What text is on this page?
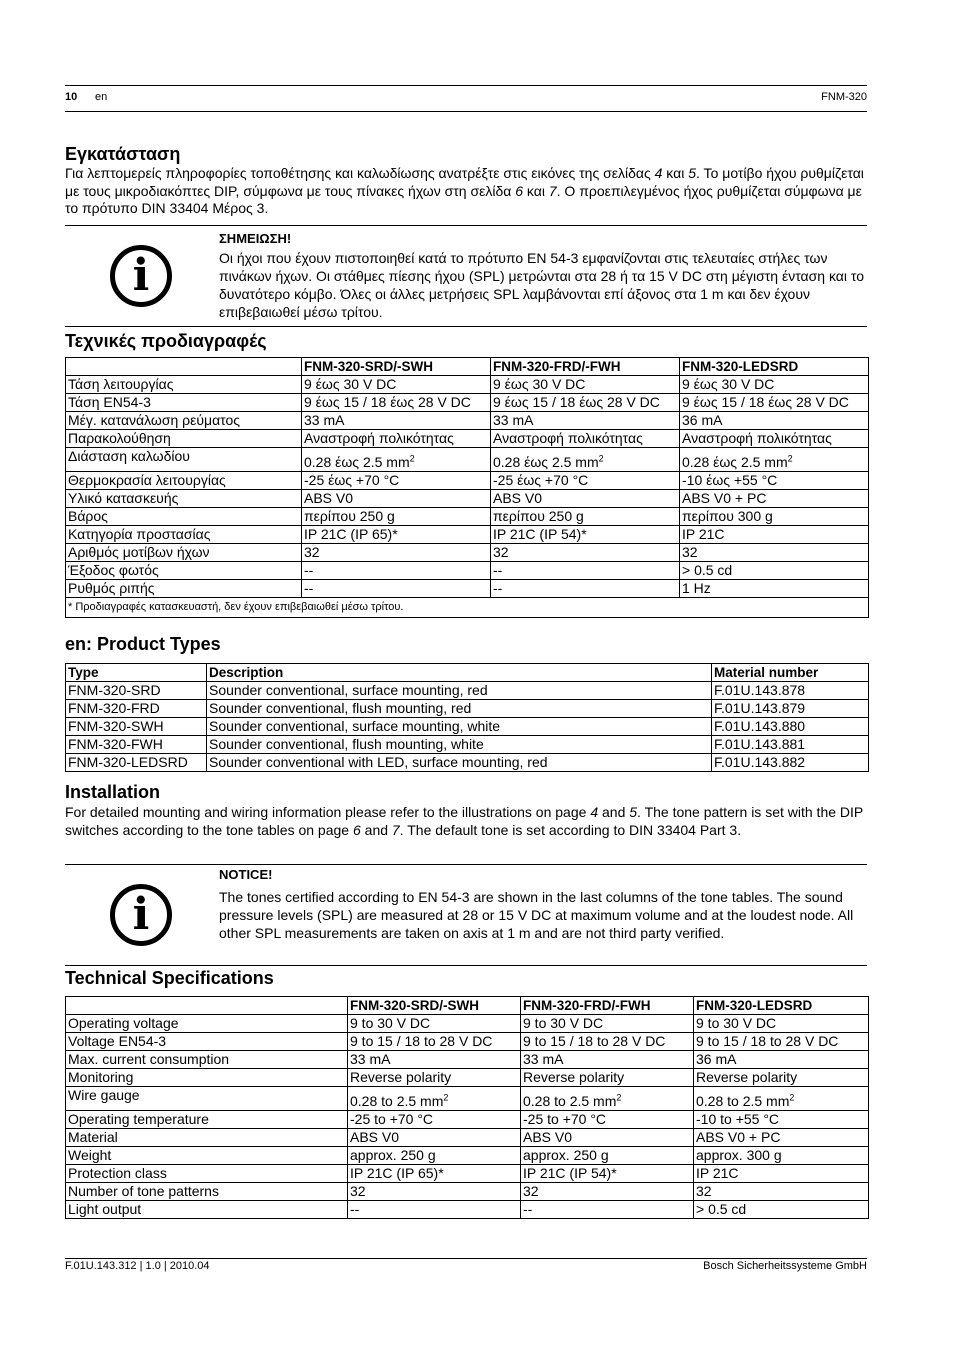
10 en	FNM-320
Εγκατάσταση

Για λεπτομερείς πληροφορίες τοποθέτησης και καλωδίωσης ανατρέξτε στις εικόνες της σελίδας 4 και 5. Το μοτίβο ήχου ρυθμίζεται με τους μικροδιακόπτες DIP, σύμφωνα με τους πίνακες ήχων στη σελίδα 6 και 7. Ο προεπιλεγμένος ήχος ρυθμίζεται σύμφωνα με το πρότυπο DIN 33404 Μέρος 3.

i
ΣΗΜΕΙΩΣΗ!

Οι ήχοι που έχουν πιστοποιηθεί κατά το πρότυπο EN 54-3 εμφανίζονται στις τελευταίες στήλες των πινάκων ήχων. Οι στάθμες πίεσης ήχου (SPL) μετρώνται στα 28 ή τα 15 V DC στη μέγιστη ένταση και το δυνατότερο κόμβο. Όλες οι άλλες μετρήσεις SPL λαμβάνονται επί άξονος στα 1 m και δεν έχουν επιβεβαιωθεί μέσω τρίτου.

Τεχνικές προδιαγραφές
	FNM-320-SRD/-SWH	FNM-320-FRD/-FWH	FNM-320-LEDSRD
Τάση λειτουργίας	9 έως 30 V DC	9 έως 30 V DC	9 έως 30 V DC
Τάση EN54-3	9 έως 15 / 18 έως 28 V DC	9 έως 15 / 18 έως 28 V DC	9 έως 15 / 18 έως 28 V DC
Μέγ. κατανάλωση ρεύματος	33 mA	33 mA	36 mA
Παρακολούθηση	Αναστροφή πολικότητας	Αναστροφή πολικότητας	Αναστροφή πολικότητας
Διάσταση καλωδίου	0.28 έως 2.5 $mm^2$	0.28 έως 2.5 $mm^2$	0.28 έως 2.5 $mm^2$
Θερμοκρασία λειτουργίας	-25 έως +70 °C	-25 έως +70 °C	-10 έως +55 °C
Υλικό κατασκευής	ABS V0	ABS V0	ABS V0 + PC
Βάρος	περίπου 250 g	περίπου 250 g	περίπου 300 g
Κατηγορία προστασίας	IP 21C (IP 65)*	IP 21C (IP 54)*	IP 21C
Αριθμός μοτίβων ήχων	32	32	32
Έξοδος φωτός	--	--	> 0.5 cd
Ρυθμός ριπής	--	--	1 Hz
* Προδιαγραφές κατασκευαστή, δεν έχουν επιβεβαιωθεί μέσω τρίτου.			
en: Product Types
Type	Description	Material number
FNM-320-SRD	Sounder conventional, surface mounting, red	F.01U.143.878
FNM-320-FRD	Sounder conventional, flush mounting, red	F.01U.143.879
FNM-320-SWH	Sounder conventional, surface mounting, white	F.01U.143.880
FNM-320-FWH	Sounder conventional, flush mounting, white	F.01U.143.881
FNM-320-LEDSRD	Sounder conventional with LED, surface mounting, red	F.01U.143.882
Installation

For detailed mounting and wiring information please refer to the illustrations on page 4 and 5. The tone pattern is set with the DIP switches according to the tone tables on page 6 and 7. The default tone is set according to DIN 33404 Part 3.

i
NOTICE!

The tones certified according to EN 54-3 are shown in the last columns of the tone tables. The sound pressure levels (SPL) are measured at 28 or 15 V DC at maximum volume and at the loudest node. All other SPL measurements are taken on axis at 1 m and are not third party verified.

Technical Specifications
	FNM-320-SRD/-SWH	FNM-320-FRD/-FWH	FNM-320-LEDSRD
Operating voltage	9 to 30 V DC	9 to 30 V DC	9 to 30 V DC
Voltage EN54-3	9 to 15 / 18 to 28 V DC	9 to 15 / 18 to 28 V DC	9 to 15 / 18 to 28 V DC
Max. current consumption	33 mA	33 mA	36 mA
Monitoring	Reverse polarity	Reverse polarity	Reverse polarity
Wire gauge	0.28 to 2.5 $mm^2$	0.28 to 2.5 $mm^2$	0.28 to 2.5 $mm^2$
Operating temperature	-25 to +70 °C	-25 to +70 °C	-10 to +55 °C
Material	ABS V0	ABS V0	ABS V0 + PC
Weight	approx. 250 g	approx. 250 g	approx. 300 g
Protection class	IP 21C (IP 65)*	IP 21C (IP 54)*	IP 21C
Number of tone patterns	32	32	32
Light output	--	--	> 0.5 cd
F.01U.143.312 | 1.0 | 2010.04	Bosch Sicherheitssysteme GmbH
